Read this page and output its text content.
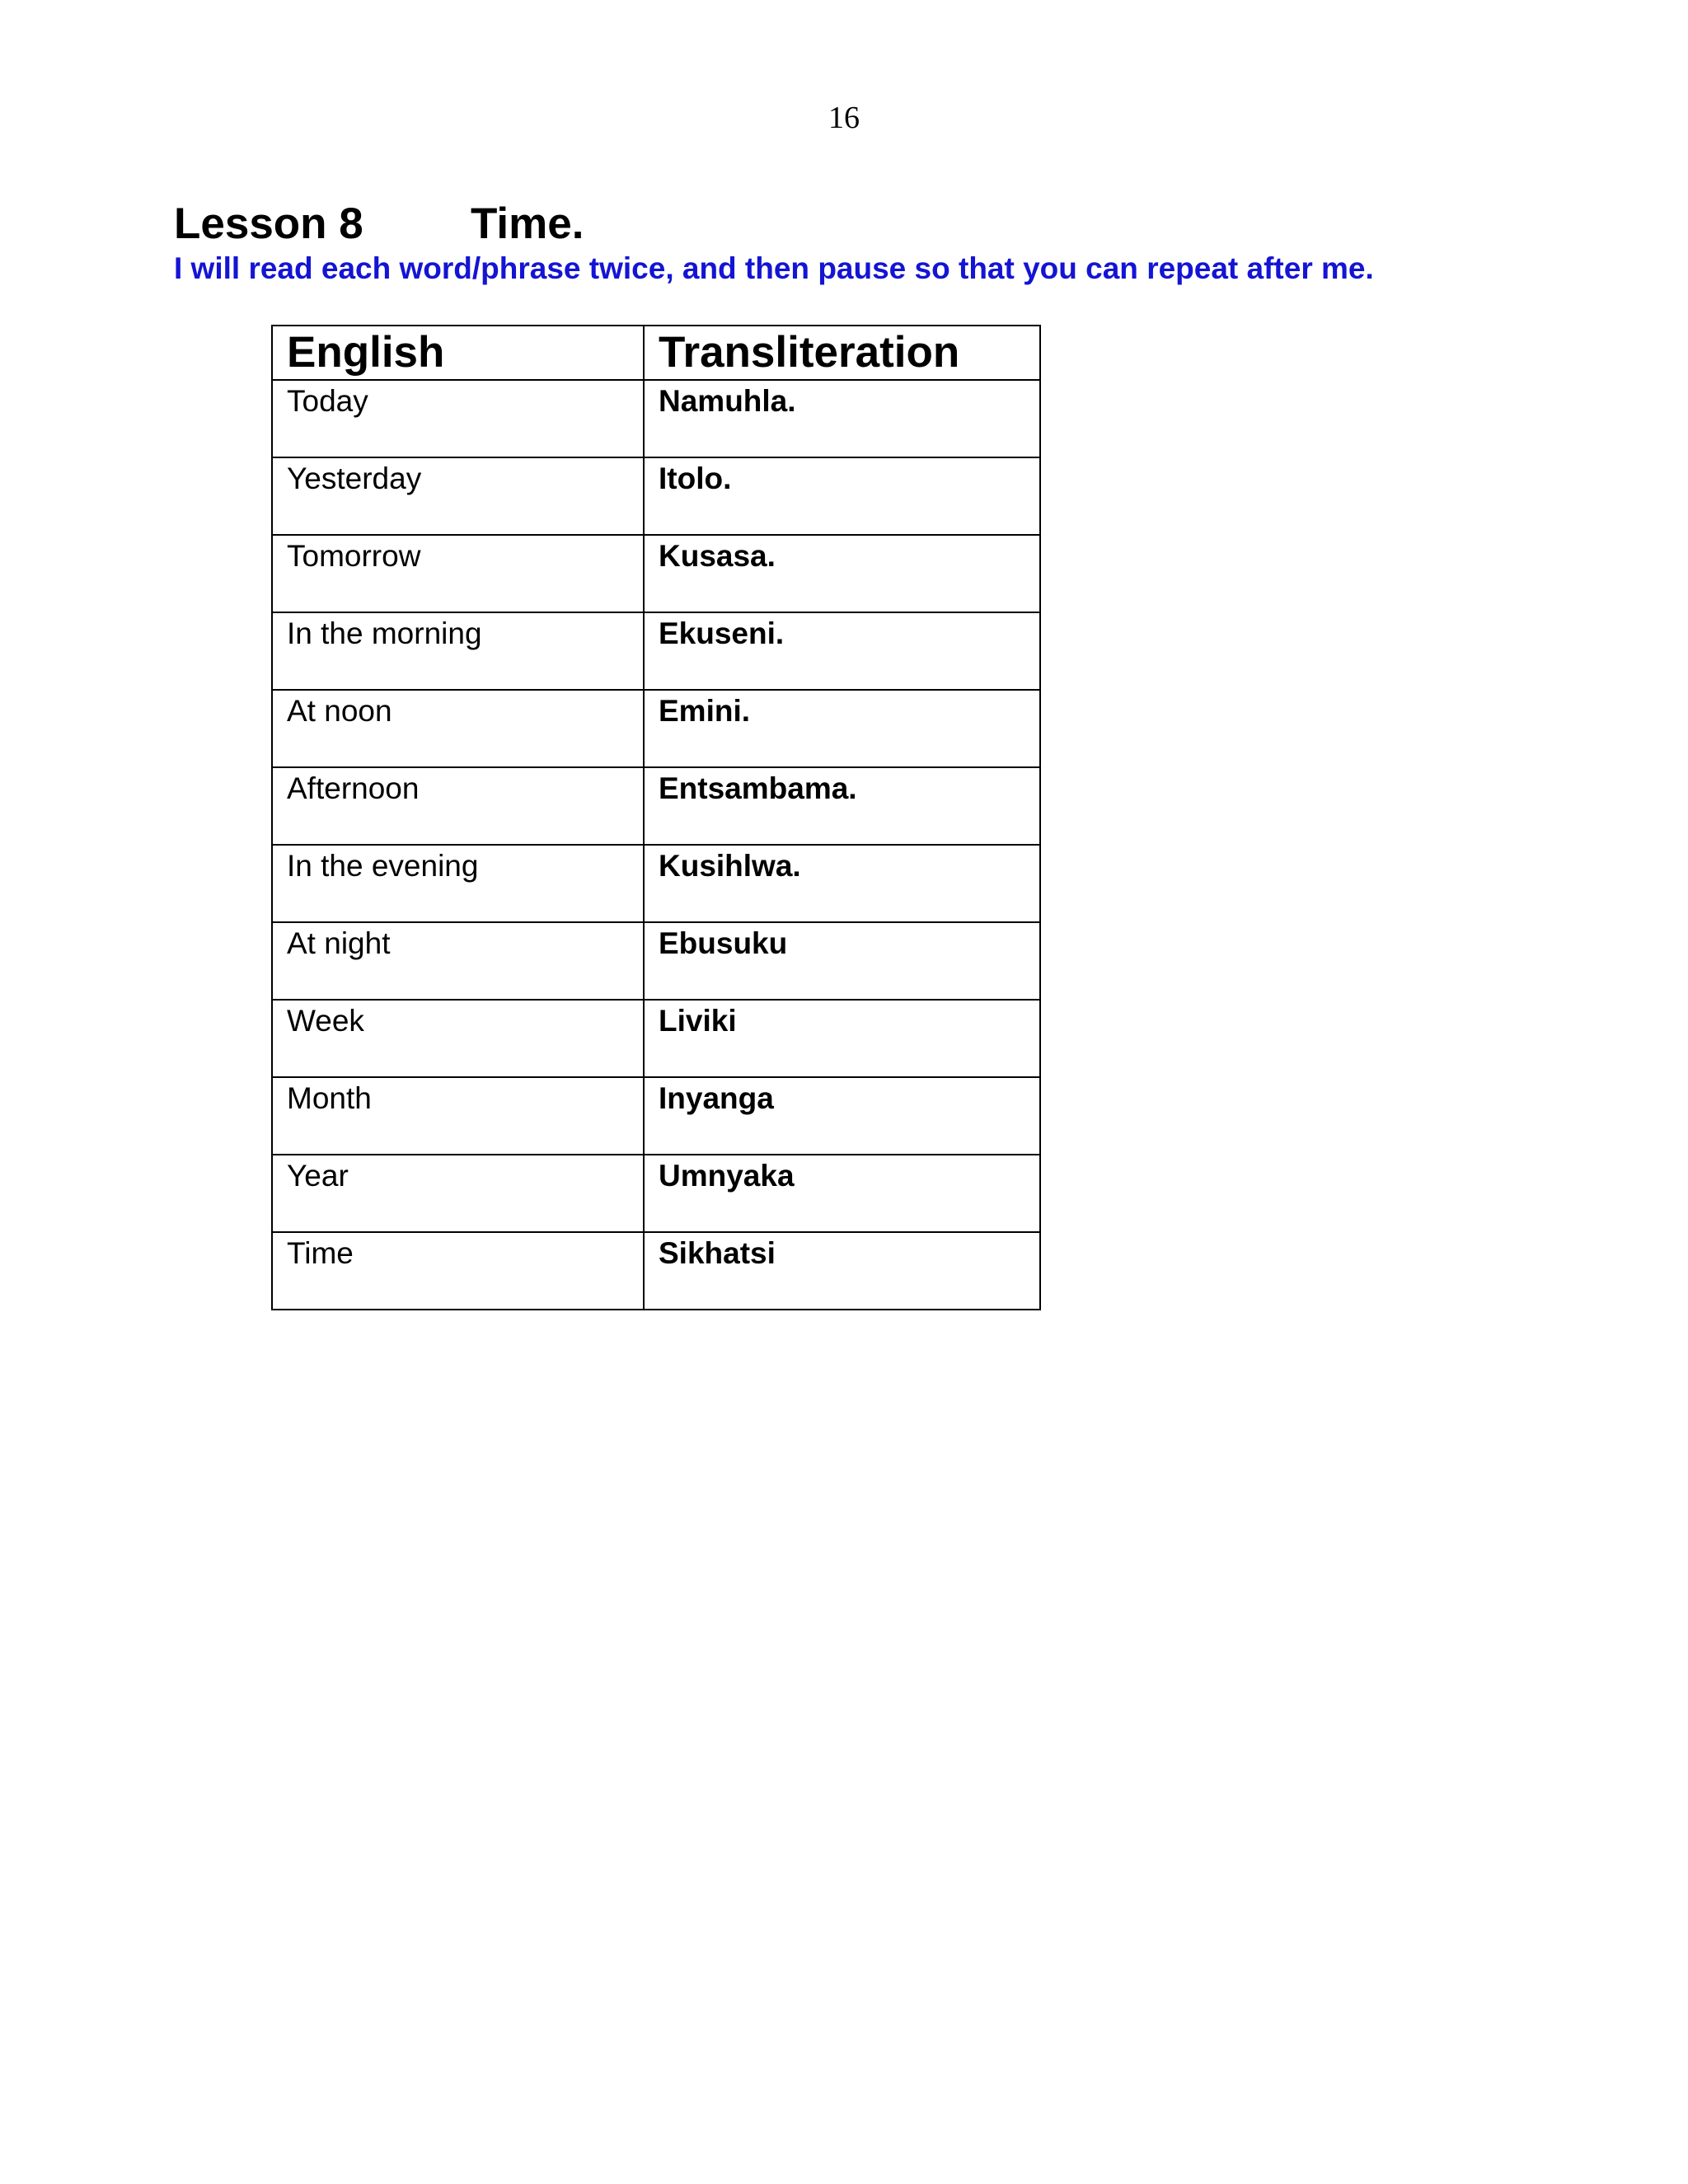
16
Lesson 8 Time.
I will read each word/phrase twice, and then pause so that you can repeat after me.
English	Transliteration
Today	Namuhla.
Yesterday	Itolo.
Tomorrow	Kusasa.
In the morning	Ekuseni.
At noon	Emini.
Afternoon	Entsambama.
In the evening	Kusihlwa.
At night	Ebusuku
Week	Liviki
Month	Inyanga
Year	Umnyaka
Time	Sikhatsi
